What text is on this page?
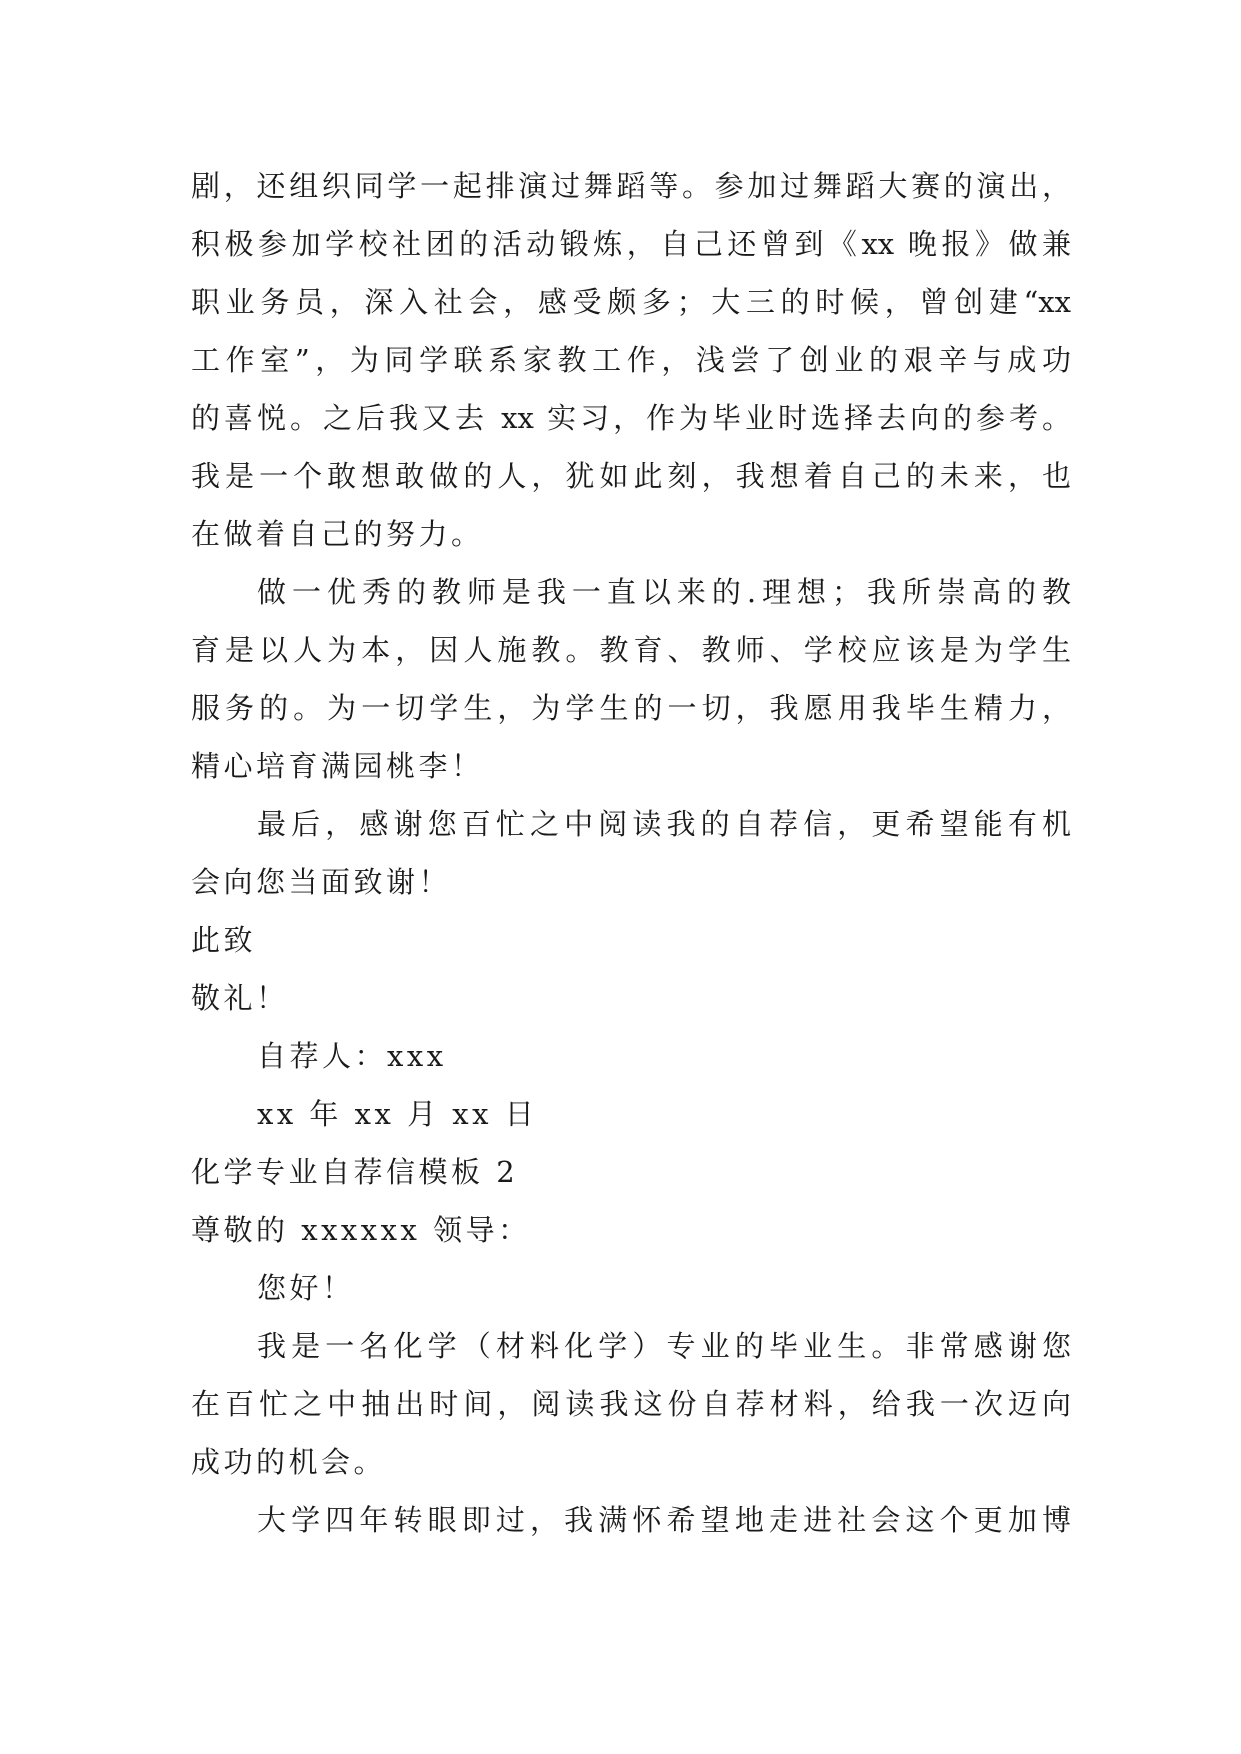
剧，还组织同学一起排演过舞蹈等。参加过舞蹈大赛的演出，
积极参加学校社团的活动锻炼，自己还曾到《xx 晚报》做兼
职业务员，深入社会，感受颇多；大三的时候，曾创建“xx
工作室”，为同学联系家教工作，浅尝了创业的艰辛与成功
的喜悦。之后我又去 xx 实习，作为毕业时选择去向的参考。
我是一个敢想敢做的人，犹如此刻，我想着自己的未来，也
在做着自己的努力。
做一优秀的教师是我一直以来的.理想；我所崇高的教
育是以人为本，因人施教。教育、教师、学校应该是为学生
服务的。为一切学生，为学生的一切，我愿用我毕生精力，
精心培育满园桃李！
最后，感谢您百忙之中阅读我的自荐信，更希望能有机
会向您当面致谢！
此致
敬礼！
自荐人：xxx
xx 年 xx 月 xx 日
化学专业自荐信模板 2
尊敬的 xxxxxx 领导：
您好！
我是一名化学（材料化学）专业的毕业生。非常感谢您
在百忙之中抽出时间，阅读我这份自荐材料，给我一次迈向
成功的机会。
大学四年转眼即过，我满怀希望地走进社会这个更加博
